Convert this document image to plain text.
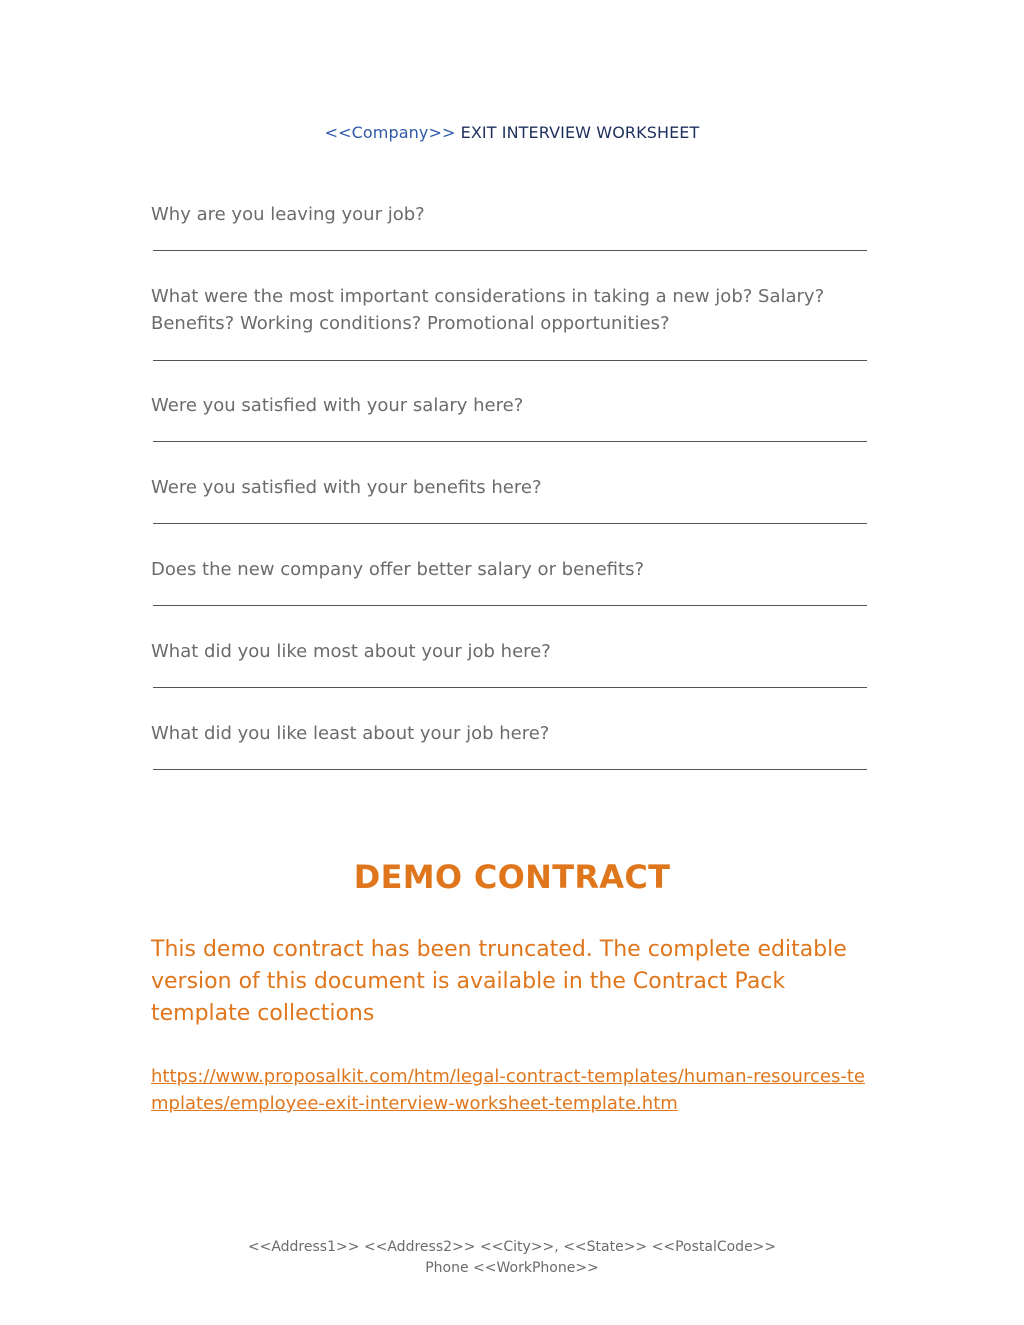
<<Company>> EXIT INTERVIEW WORKSHEET
Why are you leaving your job?
What were the most important considerations in taking a new job? Salary? Benefits? Working conditions? Promotional opportunities?
Were you satisfied with your salary here?
Were you satisfied with your benefits here?
Does the new company offer better salary or benefits?
What did you like most about your job here?
What did you like least about your job here?
DEMO CONTRACT
This demo contract has been truncated. The complete editable version of this document is available in the Contract Pack template collections
https://www.proposalkit.com/htm/legal-contract-templates/human-resources-templates/employee-exit-interview-worksheet-template.htm
<<Address1>> <<Address2>> <<City>>, <<State>> <<PostalCode>>
Phone <<WorkPhone>>
